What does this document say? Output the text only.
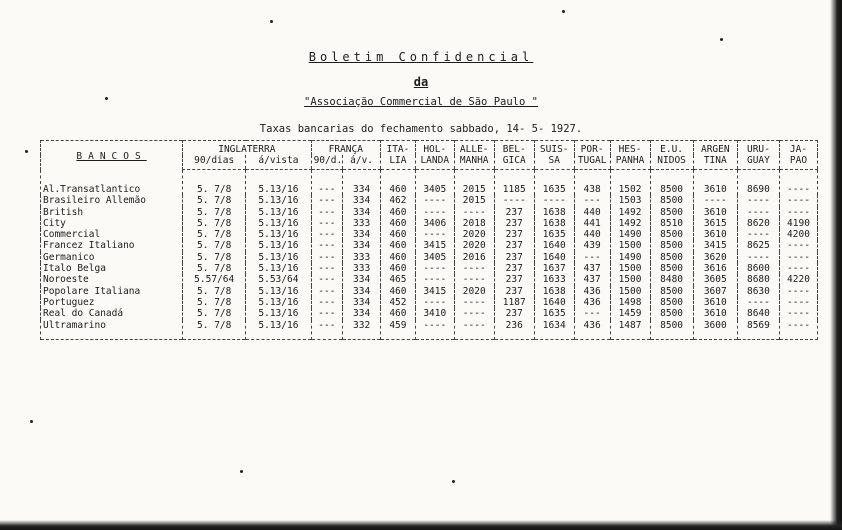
Boletim Confidencial
da
"Associação Commercial de São Paulo "
Taxas bancarias do fechamento sabbado, 14- 5- 1927.
BANCOS	INGLATERRA		FRANÇA		ITA-	HOL-	ALLE-	BEL-	SUIS-	POR-	HES-	E.U.	ARGEN	URU-	JA-
	90/dias	á/vista	90/d.	á/v.	LIA	LANDA	MANHA	GICA	SA	TUGAL	PANHA	NIDOS	TINA	GUAY	PÃO
Al.Transatlantico	5. 7/8	5.13/16	---	334	460	3405	2015	1185	1635	438	1502	8500	3610	8690	----
Brasileiro Allemão	5. 7/8	5.13/16	---	334	462	----	2015	----	----	---	1503	8500	----	----	----
British	5. 7/8	5.13/16	---	334	460	----	----	237	1638	440	1492	8500	3610	----	----
City	5. 7/8	5.13/16	---	333	460	3406	2018	237	1638	441	1492	8510	3615	8620	4190
Commercial	5. 7/8	5.13/16	---	334	460	----	2020	237	1635	440	1490	8500	3610	----	4200
Francez Italiano	5. 7/8	5.13/16	---	334	460	3415	2020	237	1640	439	1500	8500	3415	8625	----
Germanico	5. 7/8	5.13/16	---	333	460	3405	2016	237	1640	---	1490	8500	3620	----	----
Italo Belga	5. 7/8	5.13/16	---	333	460	----	----	237	1637	437	1500	8500	3616	8600	----
Noroeste	5.57/64	5.53/64	---	334	465	----	----	237	1633	437	1500	8480	3605	8680	4220
Popolare Italiana	5. 7/8	5.13/16	---	334	460	3415	2020	237	1638	436	1500	8500	3607	8630	----
Portuguez	5. 7/8	5.13/16	---	334	452	----	----	1187	1640	436	1498	8500	3610	----	----
Real do Canadá	5. 7/8	5.13/16	---	334	460	3410	----	237	1635	---	1459	8500	3610	8640	----
Ultramarino	5. 7/8	5.13/16	---	332	459	----	----	236	1634	436	1487	8500	3600	8569	----
